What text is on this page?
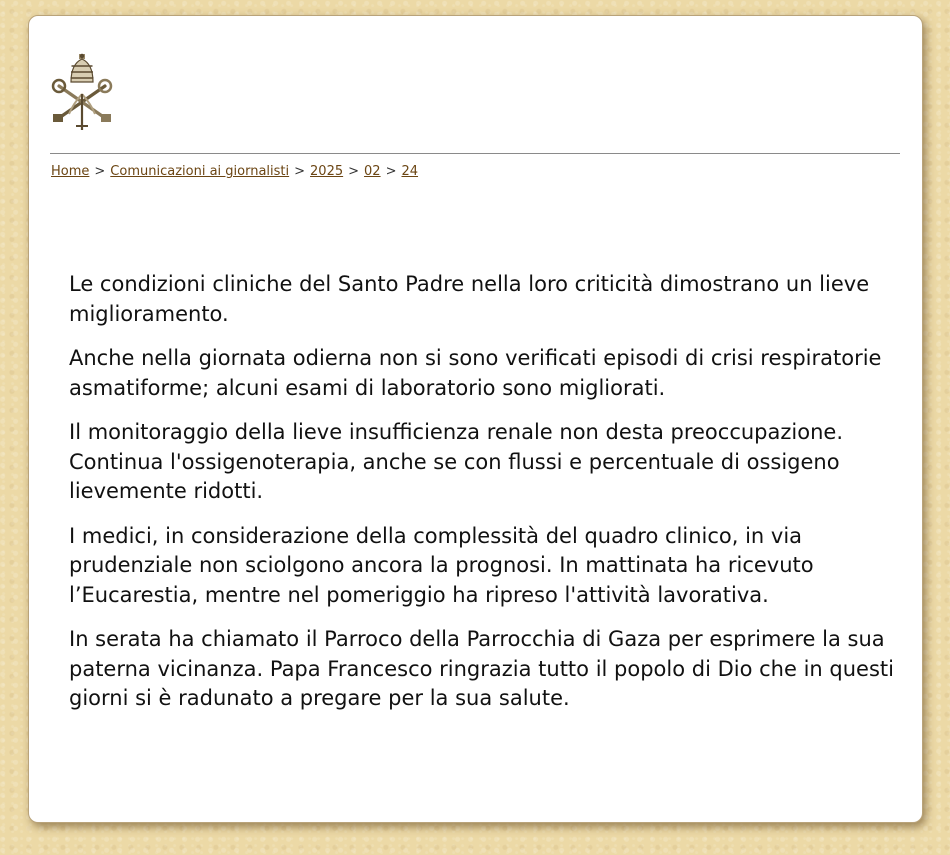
Home > Comunicazioni ai giornalisti > 2025 > 02 > 24

Le condizioni cliniche del Santo Padre nella loro criticità dimostrano un lieve miglioramento.

Anche nella giornata odierna non si sono verificati episodi di crisi respiratorie asmatiforme; alcuni esami di laboratorio sono migliorati.

Il monitoraggio della lieve insufficienza renale non desta preoccupazione. Continua l'ossigenoterapia, anche se con flussi e percentuale di ossigeno lievemente ridotti.

I medici, in considerazione della complessità del quadro clinico, in via prudenziale non sciolgono ancora la prognosi. In mattinata ha ricevuto l’Eucarestia, mentre nel pomeriggio ha ripreso l'attività lavorativa.

In serata ha chiamato il Parroco della Parrocchia di Gaza per esprimere la sua paterna vicinanza. Papa Francesco ringrazia tutto il popolo di Dio che in questi giorni si è radunato a pregare per la sua salute.
